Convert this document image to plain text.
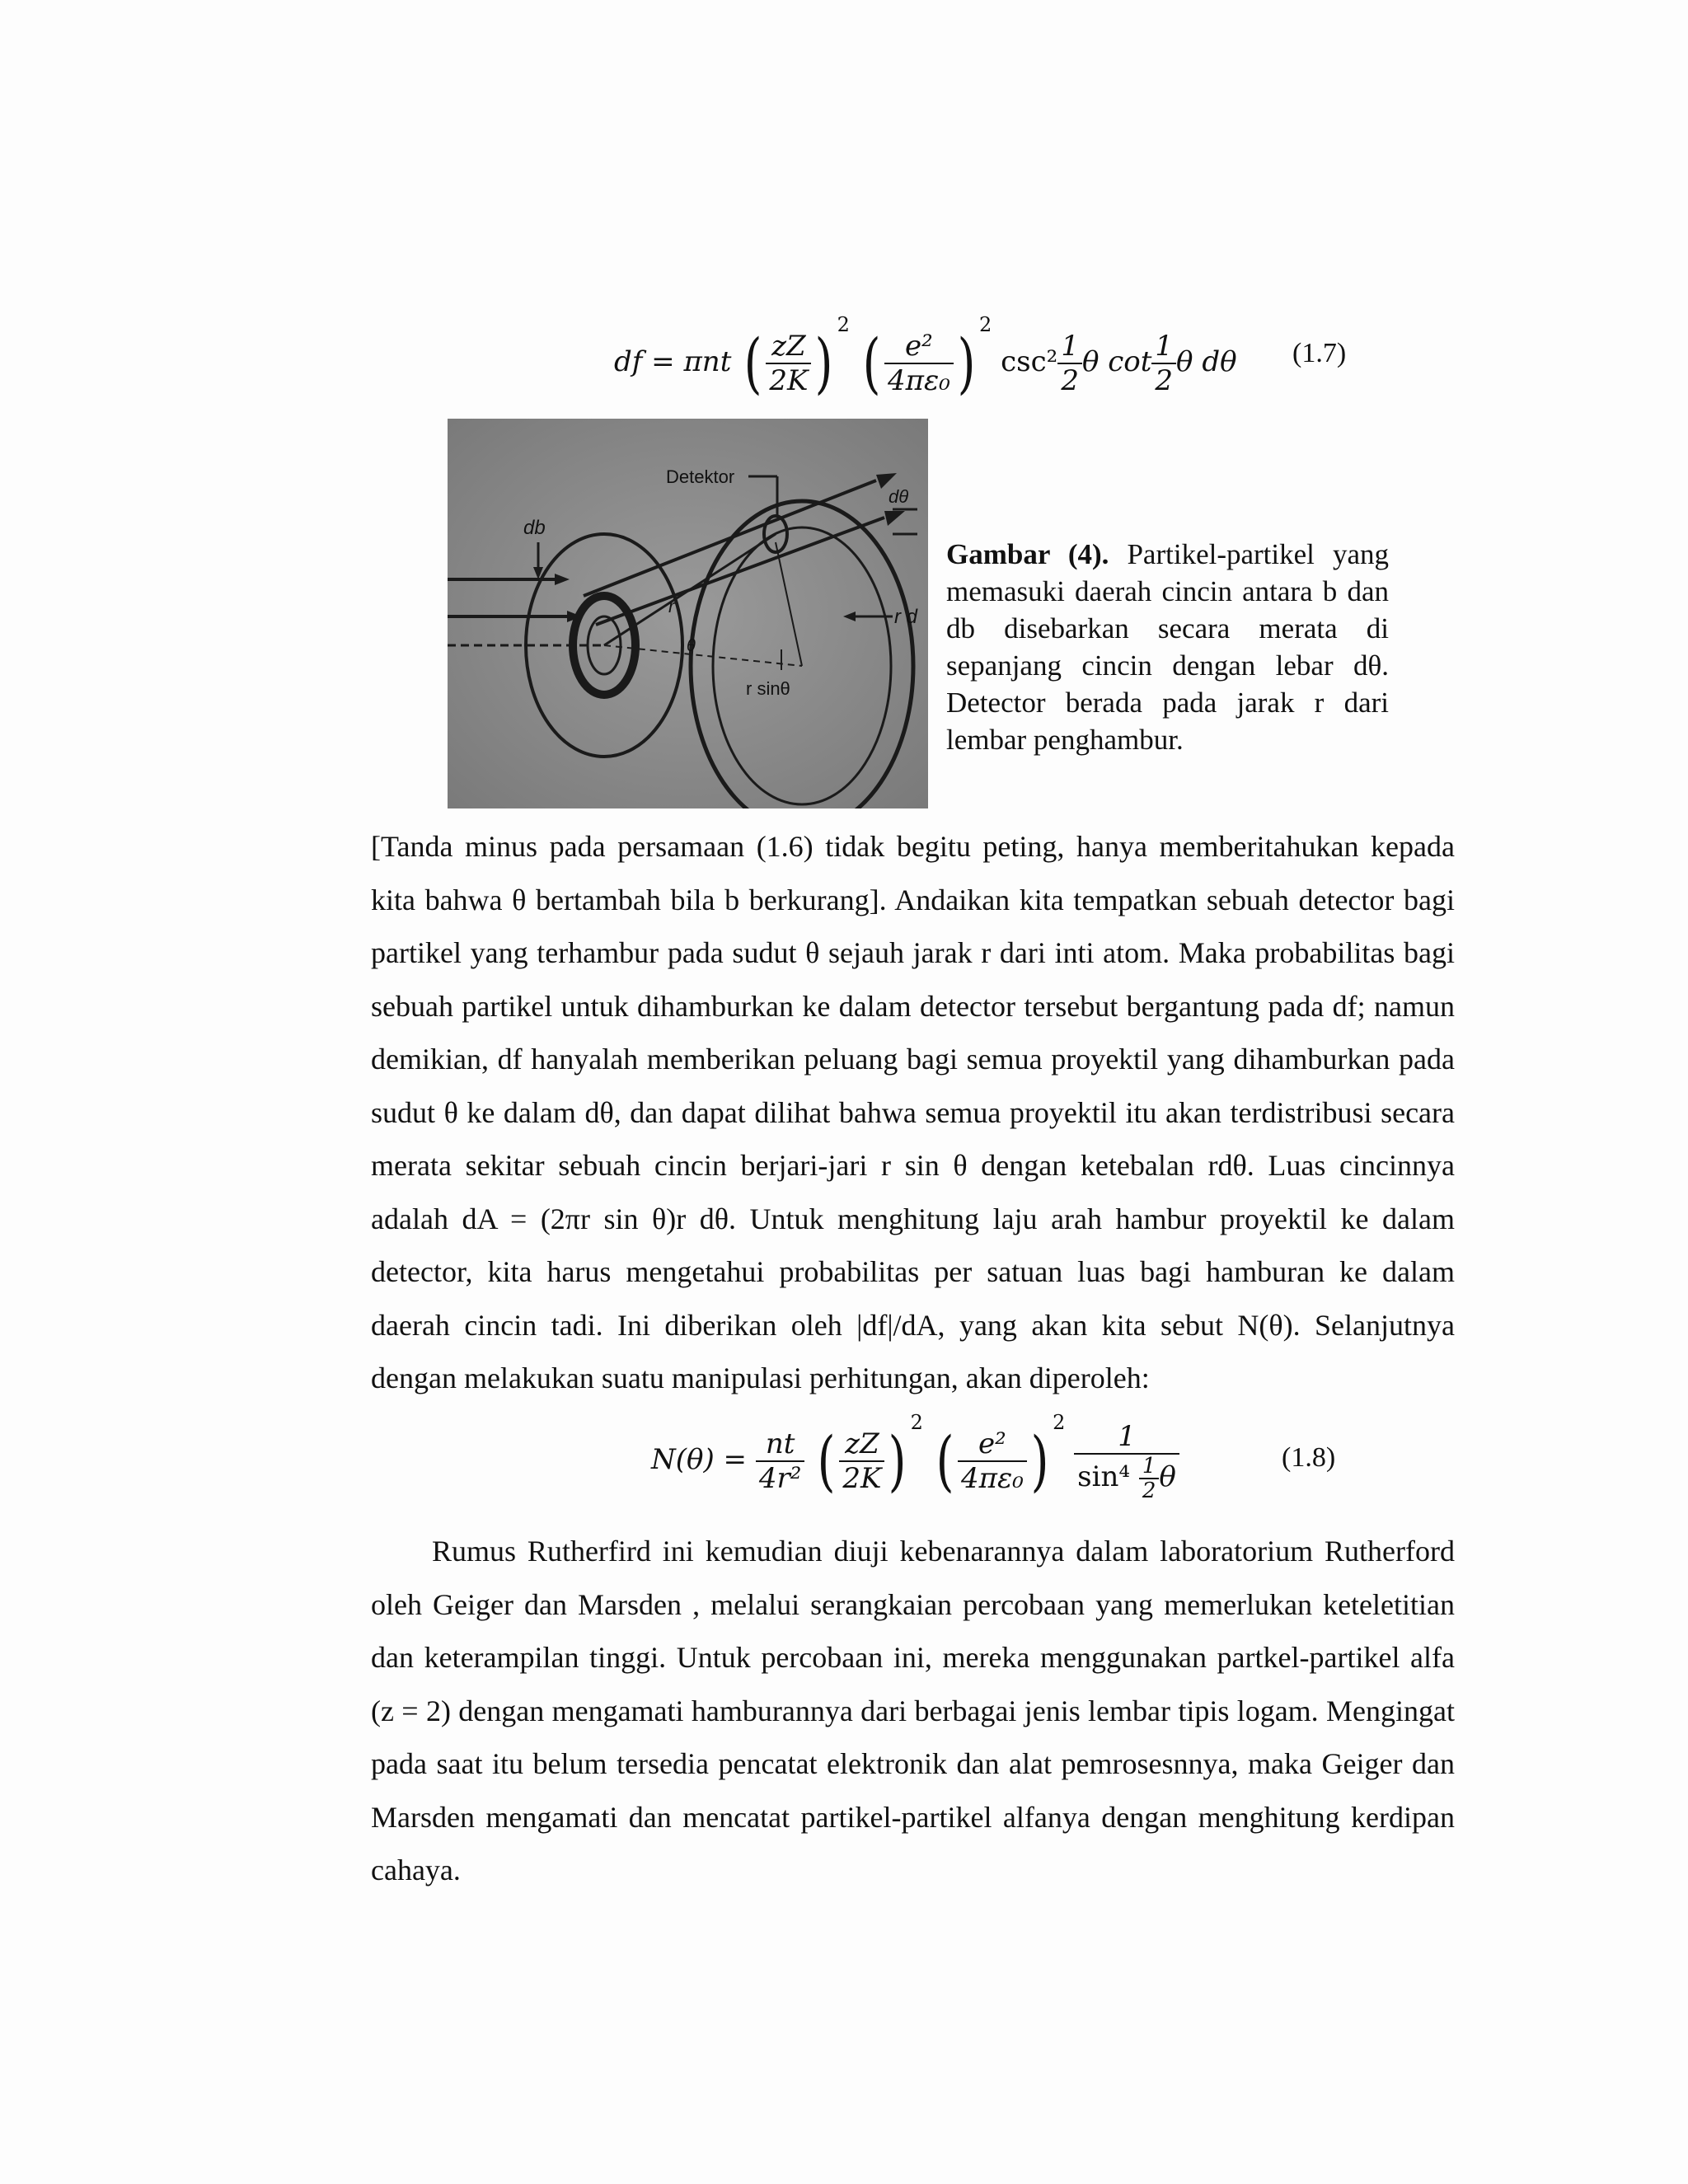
df = πnt ( $\frac{zZ}{2K}$ ) $^2$ ( $\frac{\text{e²}}{\text{4πε₀}}$ ) $^2$ $\csc^2 \frac{1}{2}$ θ $\cot \frac{1}{2}$ θ dθ (1.7)
Detektor
db
dθ
r
θ
r d
r sinθ
Gambar (4). Partikel-partikel yang memasuki daerah cincin antara b dan db disebarkan secara merata di sepanjang cincin dengan lebar dθ. Detector berada pada jarak r dari lembar penghambur.

[Tanda minus pada persamaan (1.6) tidak begitu peting, hanya memberitahukan kepada kita bahwa θ bertambah bila b berkurang]. Andaikan kita tempatkan sebuah detector bagi partikel yang terhambur pada sudut θ sejauh jarak r dari inti atom. Maka probabilitas bagi sebuah partikel untuk dihamburkan ke dalam detector tersebut bergantung pada df; namun demikian, df hanyalah memberikan peluang bagi semua proyektil yang dihamburkan pada sudut θ ke dalam dθ, dan dapat dilihat bahwa semua proyektil itu akan terdistribusi secara merata sekitar sebuah cincin berjari-jari r sin θ dengan ketebalan rdθ. Luas cincinnya adalah dA = (2πr sin θ)r dθ. Untuk menghitung laju arah hambur proyektil ke dalam detector, kita harus mengetahui probabilitas per satuan luas bagi hamburan ke dalam daerah cincin tadi. Ini diberikan oleh |df|/dA, yang akan kita sebut N(θ). Selanjutnya dengan melakukan suatu manipulasi perhitungan, akan diperoleh:

$N(\theta) = \frac{nt}{\text{4r²}}$ ( $\frac{zZ}{2K}$ ) $^2$ ( $\frac{\text{e²}}{\text{4πε₀}}$ ) $^2 \frac{1}{\sin^4 \frac{1}{2} \theta}$	(1.8)

Rumus Rutherfird ini kemudian diuji kebenarannya dalam laboratorium Rutherford oleh Geiger dan Marsden , melalui serangkaian percobaan yang memerlukan keteletitian dan keterampilan tinggi. Untuk percobaan ini, mereka menggunakan partkel-partikel alfa (z = 2) dengan mengamati hamburannya dari berbagai jenis lembar tipis logam. Mengingat pada saat itu belum tersedia pencatat elektronik dan alat pemrosesnnya, maka Geiger dan Marsden mengamati dan mencatat partikel-partikel alfanya dengan menghitung kerdipan cahaya.
